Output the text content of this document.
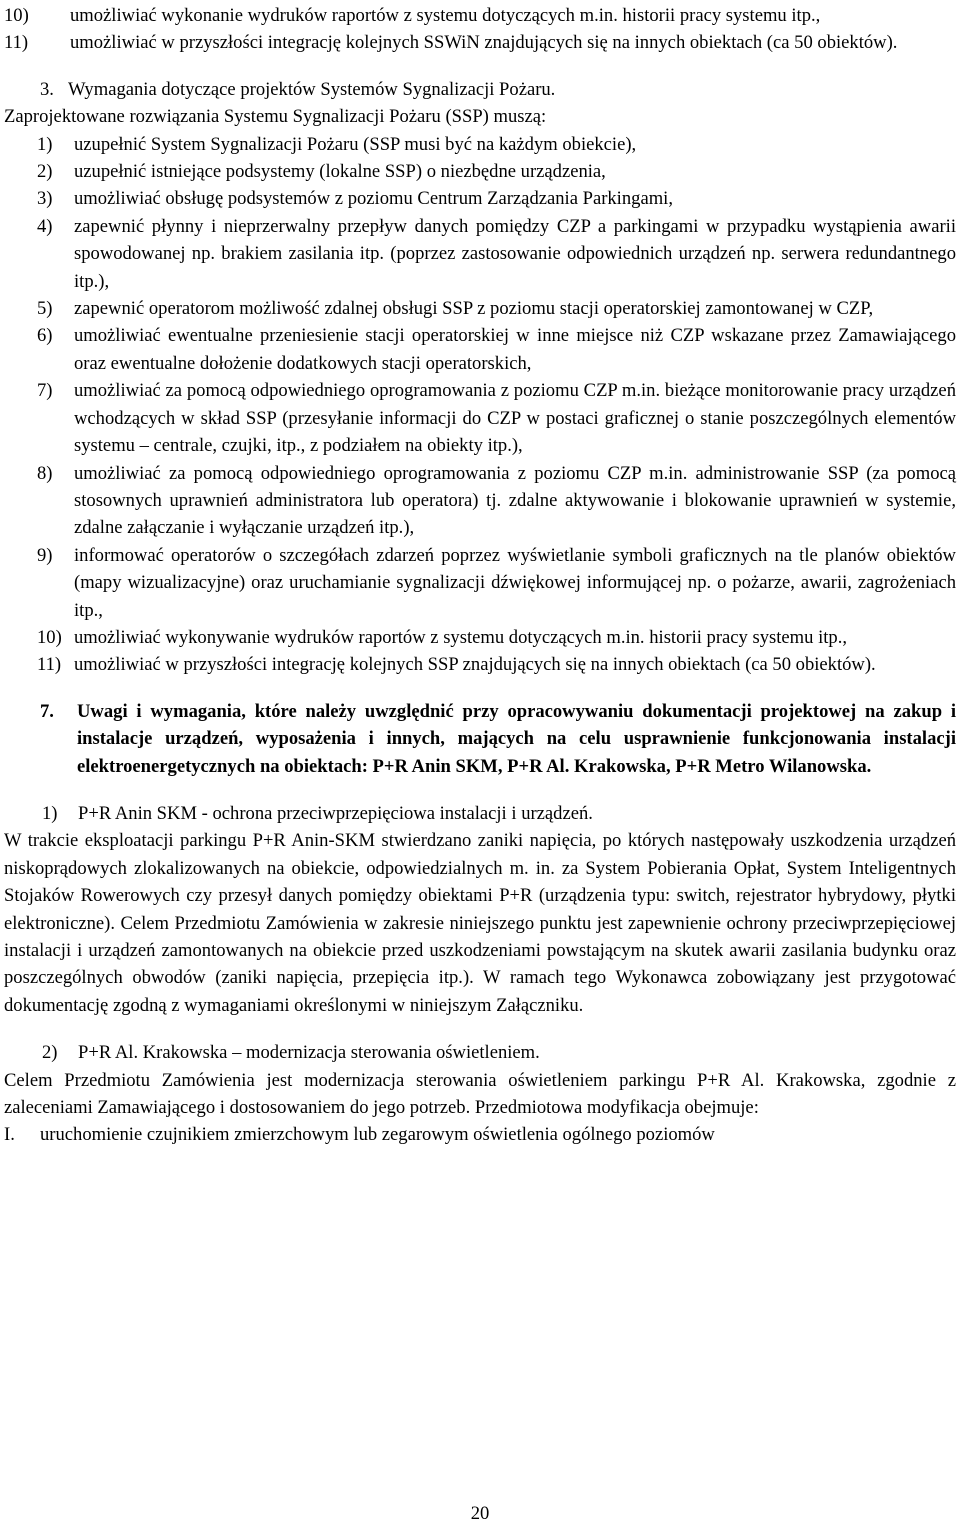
10)	umożliwiać wykonanie wydruków raportów z systemu dotyczących m.in. historii pracy systemu itp.,
11)	umożliwiać w przyszłości integrację kolejnych SSWiN znajdujących się na innych obiektach (ca 50 obiektów).
3. Wymagania dotyczące projektów Systemów Sygnalizacji Pożaru.

Zaprojektowane rozwiązania Systemu Sygnalizacji Pożaru (SSP) muszą:

1)	uzupełnić System Sygnalizacji Pożaru (SSP musi być na każdym obiekcie),
2)	uzupełnić istniejące podsystemy (lokalne SSP) o niezbędne urządzenia,
3)	umożliwiać obsługę podsystemów z poziomu Centrum Zarządzania Parkingami,
4)	zapewnić płynny i nieprzerwalny przepływ danych pomiędzy CZP a parkingami w przypadku wystąpienia awarii spowodowanej np. brakiem zasilania itp. (poprzez zastosowanie odpowiednich urządzeń np. serwera redundantnego itp.),
5)	zapewnić operatorom możliwość zdalnej obsługi SSP z poziomu stacji operatorskiej zamontowanej w CZP,
6)	umożliwiać ewentualne przeniesienie stacji operatorskiej w inne miejsce niż CZP wskazane przez Zamawiającego oraz ewentualne dołożenie dodatkowych stacji operatorskich,
7)	umożliwiać za pomocą odpowiedniego oprogramowania z poziomu CZP m.in. bieżące monitorowanie pracy urządzeń wchodzących w skład SSP (przesyłanie informacji do CZP w postaci graficznej o stanie poszczególnych elementów systemu – centrale, czujki, itp., z podziałem na obiekty itp.),
8)	umożliwiać za pomocą odpowiedniego oprogramowania z poziomu CZP m.in. administrowanie SSP (za pomocą stosownych uprawnień administratora lub operatora) tj. zdalne aktywowanie i blokowanie uprawnień w systemie, zdalne załączanie i wyłączanie urządzeń itp.),
9)	informować operatorów o szczegółach zdarzeń poprzez wyświetlanie symboli graficznych na tle planów obiektów (mapy wizualizacyjne) oraz uruchamianie sygnalizacji dźwiękowej informującej np. o pożarze, awarii, zagrożeniach itp.,
10) umożliwiać wykonywanie wydruków raportów z systemu dotyczących m.in. historii pracy systemu itp.,
11) umożliwiać w przyszłości integrację kolejnych SSP znajdujących się na innych obiektach (ca 50 obiektów).
7.	Uwagi i wymagania, które należy uwzględnić przy opracowywaniu dokumentacji projektowej na zakup i instalacje urządzeń, wyposażenia i innych, mających na celu usprawnienie funkcjonowania instalacji elektroenergetycznych na obiektach: P+R Anin SKM, P+R Al. Krakowska, P+R Metro Wilanowska.
1)	P+R Anin SKM - ochrona przeciwprzepięciowa instalacji i urządzeń.

W trakcie eksploatacji parkingu P+R Anin-SKM stwierdzano zaniki napięcia, po których następowały uszkodzenia urządzeń niskoprądowych zlokalizowanych na obiekcie, odpowiedzialnych m. in. za System Pobierania Opłat, System Inteligentnych Stojaków Rowerowych czy przesył danych pomiędzy obiektami P+R (urządzenia typu: switch, rejestrator hybrydowy, płytki elektroniczne). Celem Przedmiotu Zamówienia w zakresie niniejszego punktu jest zapewnienie ochrony przeciwprzepięciowej instalacji i urządzeń zamontowanych na obiekcie przed uszkodzeniami powstającym na skutek awarii zasilania budynku oraz poszczególnych obwodów (zaniki napięcia, przepięcia itp.). W ramach tego Wykonawca zobowiązany jest przygotować dokumentację zgodną z wymaganiami określonymi w niniejszym Załączniku.

2)	P+R Al. Krakowska – modernizacja sterowania oświetleniem.

Celem Przedmiotu Zamówienia jest modernizacja sterowania oświetleniem parkingu P+R Al. Krakowska, zgodnie z zaleceniami Zamawiającego i dostosowaniem do jego potrzeb. Przedmiotowa modyfikacja obejmuje:

I.	uruchomienie czujnikiem zmierzchowym lub zegarowym oświetlenia ogólnego poziomów
20
